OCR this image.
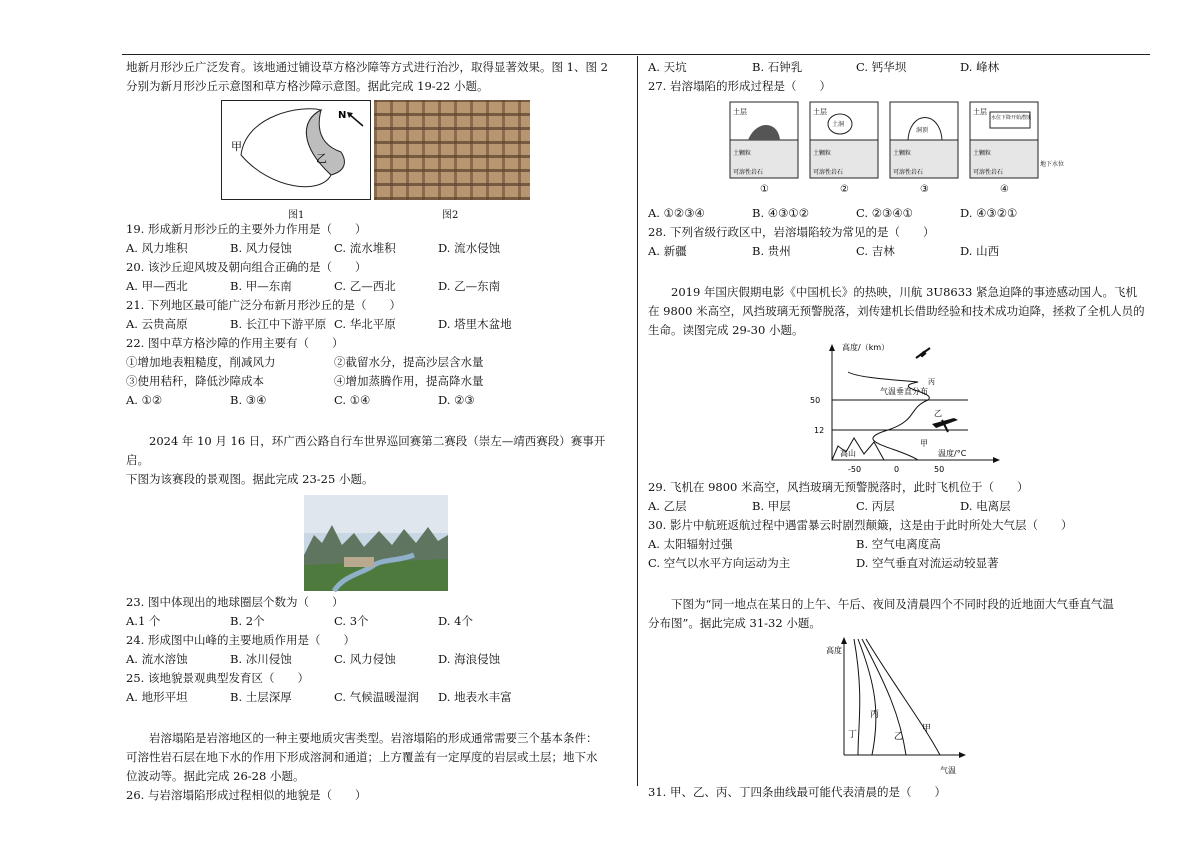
地新月形沙丘广泛发育。该地通过铺设草方格沙障等方式进行治沙，取得显著效果。图 1、图 2

分别为新月形沙丘示意图和草方格沙障示意图。据此完成 19-22 小题。

甲
乙
N
图1	图2

19. 形成新月形沙丘的主要外力作用是（　　）

A. 风力堆积	B. 风力侵蚀	C. 流水堆积	D. 流水侵蚀

20. 该沙丘迎风坡及朝向组合正确的是（　　）

A. 甲—西北	B. 甲—东南	C. 乙—西北	D. 乙—东南

21. 下列地区最可能广泛分布新月形沙丘的是（　　）

A. 云贵高原	B. 长江中下游平原 C. 华北平原	D. 塔里木盆地

22. 图中草方格沙障的作用主要有（　　）

①增加地表粗糙度，削减风力	②截留水分，提高沙层含水量
③使用秸秆，降低沙障成本	④增加蒸腾作用，提高降水量
A. ①②	B. ③④	C. ①④	D. ②③

2024 年 10 月 16 日，环广西公路自行车世界巡回赛第二赛段（崇左—靖西赛段）赛事开启。

下图为该赛段的景观图。据此完成 23-25 小题。

23. 图中体现出的地球圈层个数为（　　）

A.1 个	B. 2个	C. 3个	D. 4个

24. 形成图中山峰的主要地质作用是（　　）

A. 流水溶蚀	B. 冰川侵蚀	C. 风力侵蚀	D. 海浪侵蚀

25. 该地貌景观典型发育区（　　）

A. 地形平坦	B. 土层深厚	C. 气候温暖湿润	D. 地表水丰富

岩溶塌陷是岩溶地区的一种主要地质灾害类型。岩溶塌陷的形成通常需要三个基本条件：

可溶性岩石层在地下水的作用下形成溶洞和通道；上方覆盖有一定厚度的岩层或土层；地下水

位波动等。据此完成 26-28 小题。

26. 与岩溶塌陷形成过程相似的地貌是（　　）

A. 天坑	B. 石钟乳	C. 钙华坝	D. 峰林

27. 岩溶塌陷的形成过程是（　　）

土层
土颗粒
可溶性岩石
①
土洞
土层
土颗粒
可溶性岩石
②
洞顶
土颗粒
可溶性岩石
③
水位下降开始潜蚀
土层
土颗粒
可溶性岩石
④
地下水位
A. ①②③④	B. ④③①②	C. ②③④①	D. ④③②①

28. 下列省级行政区中，岩溶塌陷较为常见的是（　　）

A. 新疆	B. 贵州	C. 吉林	D. 山西

2019 年国庆假期电影《中国机长》的热映，川航 3U8633 紧急迫降的事迹感动国人。飞机

在 9800 米高空，风挡玻璃无预警脱落，刘传建机长借助经验和技术成功迫降，拯救了全机人员的

生命。读图完成 29-30 小题。

高度/（km）
温度/°C
气温垂直分布
丙
乙
甲
高山
50
12
-50	0	50

29. 飞机在 9800 米高空，风挡玻璃无预警脱落时，此时飞机位于（　　）

A. 乙层	B. 甲层	C. 丙层	D. 电离层

30. 影片中航班返航过程中遇雷暴云时剧烈颠簸，这是由于此时所处大气层（　　）

A. 太阳辐射过强	B. 空气电离度高
C. 空气以水平方向运动为主	D. 空气垂直对流运动较显著

下图为“同一地点在某日的上午、午后、夜间及清晨四个不同时段的近地面大气垂直气温

分布图”。据此完成 31-32 小题。

高度
气温
丁
丙
乙
甲

31. 甲、乙、丙、丁四条曲线最可能代表清晨的是（　　）
